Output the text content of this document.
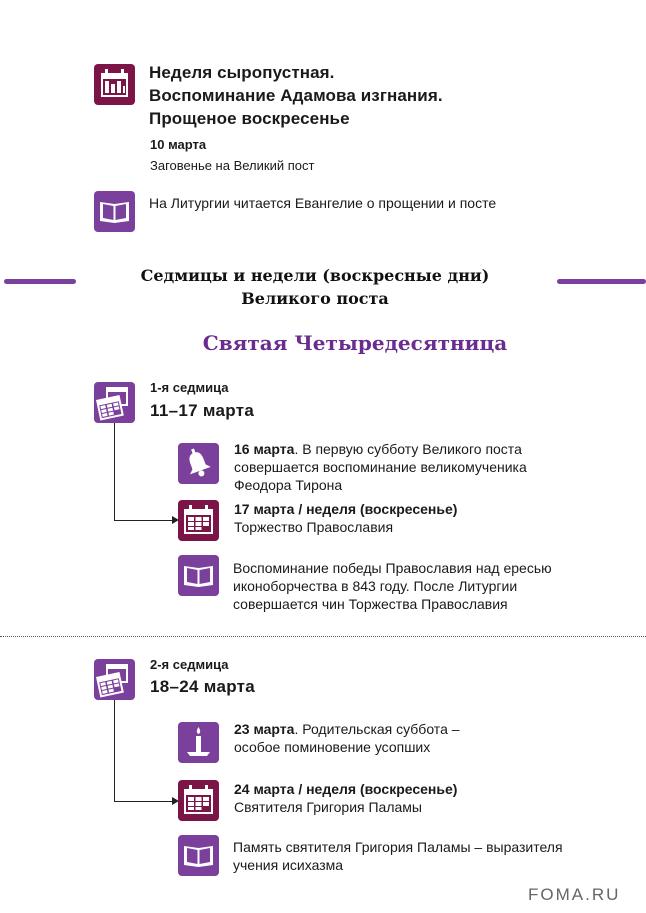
Неделя сыропустная.
Воспоминание Адамова изгнания.
Прощеное воскресенье
10 марта
Заговенье на Великий пост
На Литургии читается Евангелие о прощении и посте
Седмицы и недели (воскресные дни)
Великого поста
Святая Четыредесятница
1-я седмица
11–17 марта
16 марта. В первую субботу Великого поста
совершается воспоминание великомученика
Феодора Тирона
17 марта / неделя (воскресенье)
Торжество Православия
Воспоминание победы Православия над ересью
иконоборчества в 843 году. После Литургии
совершается чин Торжества Православия
2-я седмица
18–24 марта
23 марта. Родительская суббота –
особое поминовение усопших
24 марта / неделя (воскресенье)
Святителя Григория Паламы
Память святителя Григория Паламы – выразителя
учения исихазма
FOMA.RU
